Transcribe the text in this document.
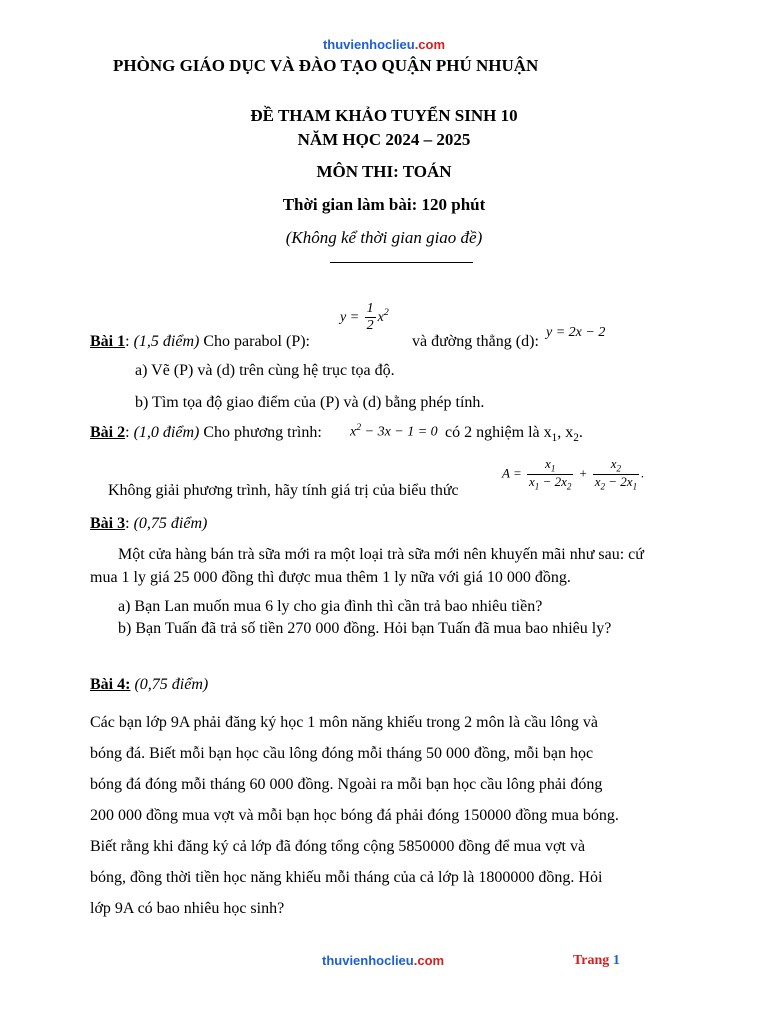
thuvienhoclieu.com
PHÒNG GIÁO DỤC VÀ ĐÀO TẠO QUẬN PHÚ NHUẬN
ĐỀ THAM KHẢO TUYỂN SINH 10
NĂM HỌC 2024 – 2025
MÔN THI: TOÁN
Thời gian làm bài: 120 phút
(Không kể thời gian giao đề)
Bài 1: (1,5 điểm) Cho parabol (P):
$y = \frac{1}{2} x^2$
và đường thẳng (d):
y = 2x − 2
a) Vẽ (P) và (d) trên cùng hệ trục tọa độ.
b) Tìm tọa độ giao điểm của (P) và (d) bằng phép tính.
Bài 2: (1,0 điểm) Cho phương trình: $x^2 - 3x - 1 = 0$ có 2 nghiệm là $x_1$, $x_2$.
Không giải phương trình, hãy tính giá trị của biểu thức
$A = \frac{x_1}{x_1 - 2x_2} + \frac{x_2}{x_2 - 2x_1}$ .
Bài 3: (0,75 điểm)
Một cửa hàng bán trà sữa mới ra một loại trà sữa mới nên khuyến mãi như sau: cứ
mua 1 ly giá 25 000 đồng thì được mua thêm 1 ly nữa với giá 10 000 đồng.
a) Bạn Lan muốn mua 6 ly cho gia đình thì cần trả bao nhiêu tiền?
b) Bạn Tuấn đã trả số tiền 270 000 đồng. Hỏi bạn Tuấn đã mua bao nhiêu ly?
Bài 4: (0,75 điểm)
Các bạn lớp 9A phải đăng ký học 1 môn năng khiếu trong 2 môn là cầu lông và
bóng đá. Biết mỗi bạn học cầu lông đóng mỗi tháng 50 000 đồng, mỗi bạn học
bóng đá đóng mỗi tháng 60 000 đồng. Ngoài ra mỗi bạn học cầu lông phải đóng
200 000 đồng mua vợt và mỗi bạn học bóng đá phải đóng 150000 đồng mua bóng.
Biết rằng khi đăng ký cả lớp đã đóng tổng cộng 5850000 đồng để mua vợt và
bóng, đồng thời tiền học năng khiếu mỗi tháng của cả lớp là 1800000 đồng. Hỏi
lớp 9A có bao nhiêu học sinh?
thuvienhoclieu.com	Trang 1
